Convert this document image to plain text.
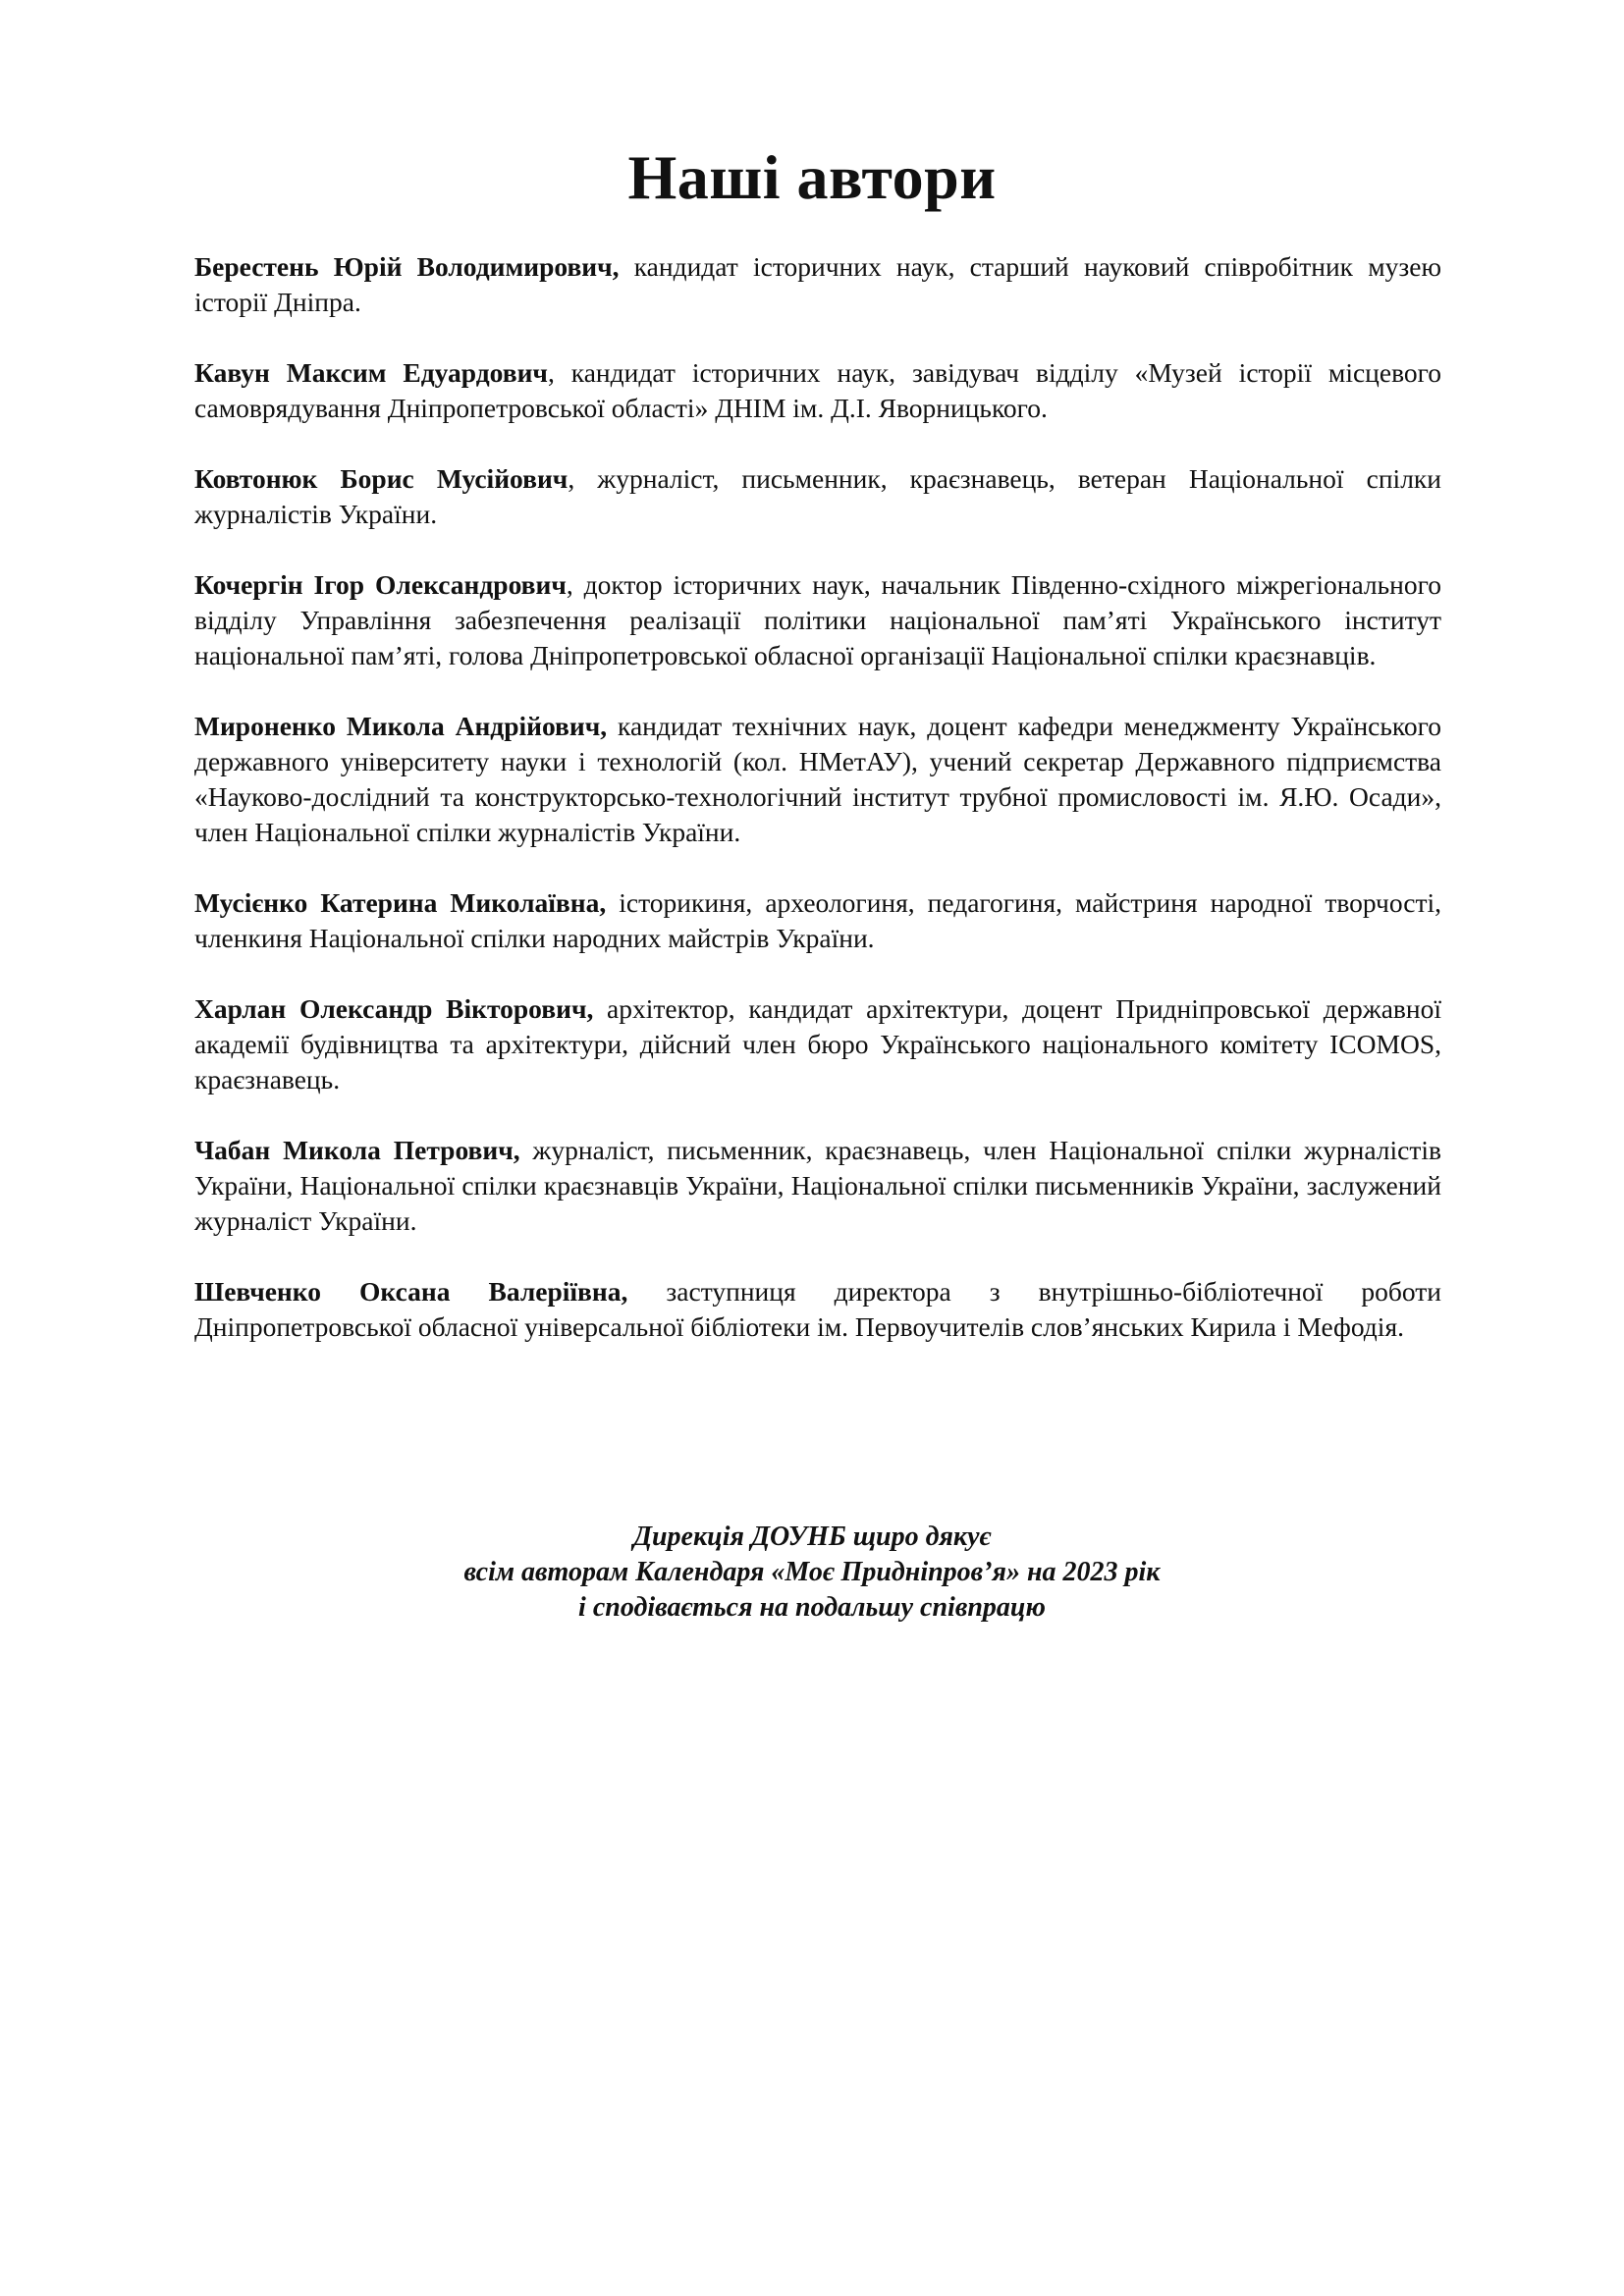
Наші автори
Берестень Юрій Володимирович, кандидат історичних наук, старший науковий співробітник музею історії Дніпра.
Кавун Максим Едуардович, кандидат історичних наук, завідувач відділу «Музей історії місцевого самоврядування Дніпропетровської області» ДНІМ ім. Д.І. Яворницького.
Ковтонюк Борис Мусійович, журналіст, письменник, краєзнавець, ветеран Національної спілки журналістів України.
Кочергін Ігор Олександрович, доктор історичних наук, начальник Південно-східного міжрегіонального відділу Управління забезпечення реалізації політики національної пам’яті Українського інститут національної пам’яті, голова Дніпропетровської обласної організації Національної спілки краєзнавців.
Мироненко Микола Андрійович, кандидат технічних наук, доцент кафедри менеджменту Українського державного університету науки і технологій (кол. НМетАУ), учений секретар Державного підприємства «Науково-дослідний та конструкторсько-технологічний інститут трубної промисловості ім. Я.Ю. Осади», член Національної спілки журналістів України.
Мусієнко Катерина Миколаївна, історикиня, археологиня, педагогиня, майстриня народної творчості, членкиня Національної спілки народних майстрів України.
Харлан Олександр Вікторович, архітектор, кандидат архітектури, доцент Придніпровської державної академії будівництва та архітектури, дійсний член бюро Українського національного комітету ICOMOS, краєзнавець.
Чабан Микола Петрович, журналіст, письменник, краєзнавець, член Національної спілки журналістів України, Національної спілки краєзнавців України, Національної спілки письменників України, заслужений журналіст України.
Шевченко Оксана Валеріївна, заступниця директора з внутрішньо-бібліотечної роботи Дніпропетровської обласної універсальної бібліотеки ім. Первоучителів слов’янських Кирила і Мефодія.
Дирекція ДОУНБ щиро дякує
всім авторам Календаря «Моє Придніпров’я» на 2023 рік
і сподівається на подальшу співпрацю
